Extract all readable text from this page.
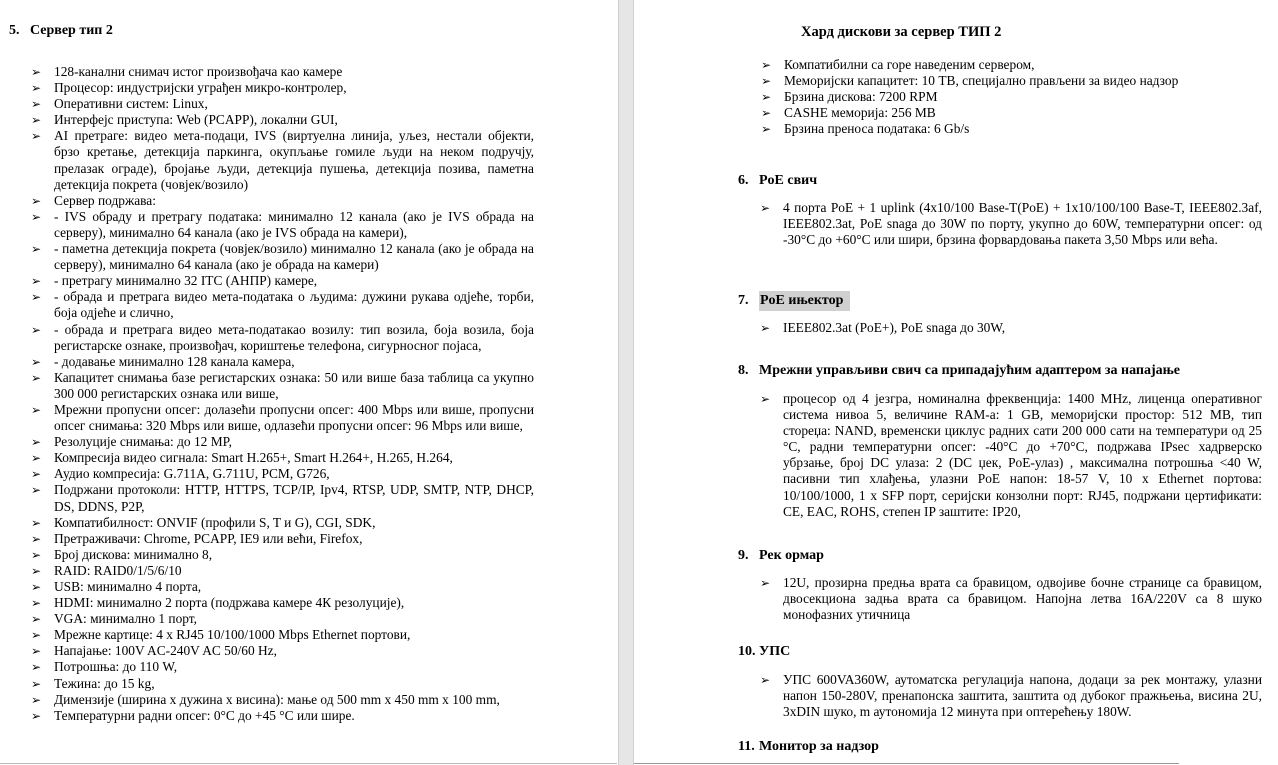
5. Сервер тип 2
➢ 128-канални снимач истог произвођача као камере
➢ Процесор: индустријски уграђен микро-контролер,
➢ Оперативни систем: Linux,
➢ Интерфејс приступа: Web (PCAPP), локални GUI,
➢ AI претраге: видео мета-подаци, IVS (виртуелна линија, уљез, нестали објекти, брзо кретање, детекција паркинга, окупљање гомиле људи на неком подручју, прелазак ограде), бројање људи, детекција пушења, детекција позива, паметна детекција покрета (човјек/возило)
➢ Сервер подржава:
➢ - IVS обраду и претрагу података: минимално 12 канала (ако је IVS обрада на серверу), минимално 64 канала (ако је IVS обрада на камери),
➢ - паметна детекција покрета (човјек/возило) минимално 12 канала (ако је обрада на серверу), минимално 64 канала (ако је обрада на камери)
➢ - претрагу минимално 32 ITC (АНПР) камере,
➢ - обрада и претрага видео мета-података о људима: дужини рукава одјеће, торби, боја одјеће и слично,
➢ - обрада и претрага видео мета-податакао возилу: тип возила, боја возила, боја регистарске ознаке, произвођач, кориштење телефона, сигурносног појаса,
➢ - додавање минимално 128 канала камера,
➢ Капацитет снимања базе регистарских ознака: 50 или више база таблица са укупно 300 000 регистарских ознака или више,
➢ Мрежни пропусни опсег: долазећи пропусни опсег: 400 Mbps или више, пропусни опсег снимања: 320 Mbps или више, одлазећи пропусни опсег: 96 Mbps или више,
➢ Резолуције снимања: до 12 MP,
➢ Компресија видео сигнала: Smart H.265+, Smart H.264+, H.265, H.264,
➢ Аудио компресија: G.711A, G.711U, PCM, G726,
➢ Подржани протоколи: HTTP, HTTPS, TCP/IP, Ipv4, RTSP, UDP, SMTP, NTP, DHCP, DS, DDNS, P2P,
➢ Компатибилност: ONVIF (профили S, T и G), CGI, SDK,
➢ Претраживачи: Chrome, PCAPP, IE9 или већи, Firefox,
➢ Број дискова: минимално 8,
➢ RAID: RAID0/1/5/6/10
➢ USB: минимално 4 порта,
➢ HDMI: минимално 2 порта (подржава камере 4К резолуције),
➢ VGA: минимално 1 порт,
➢ Мрежне картице: 4 x RJ45 10/100/1000 Mbps Ethernet портови,
➢ Напајање: 100V AC-240V AC 50/60 Hz,
➢ Потрошња: до 110 W,
➢ Тежина: до 15 kg,
➢ Димензије (ширина x дужина x висина): мање од 500 mm x 450 mm x 100 mm,
➢ Температурни радни опсег: 0°C до +45 °C или шире.
Хард дискови за сервер ТИП 2
➢ Компатибилни са горе наведеним сервером,
➢ Меморијски капацитет: 10 TB, специјално прављени за видео надзор
➢ Брзина дискова: 7200 RPM
➢ CASHE меморија: 256 MB
➢ Брзина преноса података: 6 Gb/s
6. PoE свич
➢ 4 порта PoE + 1 uplink (4x10/100 Base-T(PoE) + 1x10/100/100 Base-T, IEEE802.3af, IEEE802.3at, PoE snaga до 30W по порту, укупно до 60W, температурни опсег: од -30°C до +60°C или шири, брзина форвардовања пакета 3,50 Mbps или већа.
7. PoE ињектор
➢ IEEE802.3at (PoE+), PoE snaga до 30W,
8. Мрежни управљиви свич са припадајућим адаптером за напајање
➢ процесор од 4 језгра, номинална фреквенција: 1400 MHz, лиценца оперативног система нивоа 5, величине RAM-а: 1 GB, меморијски простор: 512 MB, тип стореџа: NAND, временски циклус радних сати 200 000 сати на температури од 25 °C, радни температурни опсег: -40°C до +70°C, подржава IPsec хадрверско убрзање, број DC улаза: 2 (DC џек, PoE-улаз) , максимална потрошња <40 W, пасивни тип хлађења, улазни PoE напон: 18-57 V, 10 x Ethernet портова: 10/100/1000, 1 x SFP порт, серијски конзолни порт: RJ45, подржани цертификати: CE, EAC, ROHS, степен IP заштите: IP20,
9. Рек ормар
➢ 12U, прозирна предња врата са бравицом, одвојиве бочне странице са бравицом, двосекциона задња врата са бравицом. Напојна летва 16A/220V са 8 шуко монофазних утичница
10. УПС
➢ УПС 600VA360W, аутоматска регулација напона, додаци за рек монтажу, улазни напон 150-280V, пренапонска заштита, заштита од дубоког пражњења, висина 2U, 3xDIN шуко, m аутономија 12 минута при оптерећењу 180W.
11. Монитор за надзор
